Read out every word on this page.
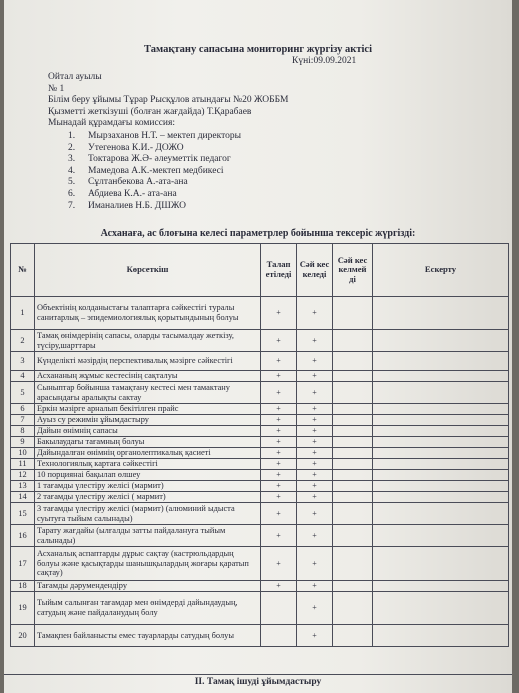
Тамақтану сапасына мониторинг жүргізу актісі
Күні:09.09.2021
Ойтал ауылы
№ 1
Білім беру ұйымы Тұрар Рысқұлов атындағы №20 ЖОББМ
Қызметті жеткізуші (болған жағдайда) Т.Қарабаев
Мынадай құрамдағы комиссия:
1. Мырзаханов Н.Т. – мектеп директоры
2. Утегенова К.И.- ДОЖО
3. Токтарова Ж.Ә- әлеуметтік педагог
4. Мамедова А.К.-мектеп медбикесі
5. Сұлтанбекова А.-ата-ана
6. Абдиева К.А.- ата-ана
7. Иманалиев Н.Б. ДШЖО
Асханаға, ас блоғына келесі параметрлер бойынша тексеріс жүргізді:
№	Көрсеткіш	Талап етіледі	Сәй кес келеді	Сәй кес келмей ді	Ескерту
1	Объектінің колданыстағы талаптарға сәйкестігі туралы санитарлық – эпидемиологиялық қорытындының болуы	+	+		
2	Тамақ өнімдерінің сапасы, оларды тасымалдау жеткізу, түсіру,шарттары	+	+		
3	Күнделікті мәзірдің перспективалық мәзірге сәйкестігі	+	+		
4	Асхананың жұмыс кестесінің сақталуы	+	+		
5	Сыныптар бойынша тамақтану кестесі мен тамактану арасындағы аралықты сактау	+	+		
6	Еркін мәзірге арналып бекітілген прайс	+	+		
7	Ауыз су режимін ұйымдастыру	+	+		
8	Дайын өнімнің сапасы	+	+		
9	Бакылаудағы тағамның болуы	+	+		
10	Дайындалған өнімнің органолептикалық қасиеті	+	+		
11	Технологиялық картаға сәйкестігі	+	+		
12	10 порциянаі бақылап өлшеу	+	+		
13	1 тағамды үлестіру желісі (мармит)	+	+		
14	2 тағамды үлестіру желісі ( мармит)	+	+		
15	3 тағамды үлестіру желісі (мармит) (алюминий ыдыста суытуға тыйым салынады)	+	+		
16	Тарату жағдайы (ылғалды затты пайдалануға тыйым салынады)	+	+		
17	Асханалық аспаптарды дұрыс сақтау (кастрюльдардың болуы және қасықтарды шанышқылардың жоғары қаратып сақтау)	+	+		
18	Тағамды дәрумендендіру	+	+		
19	Тыйым салынған тағамдар мен өнімдерді дайындаудың, сатудың және пайдаланудың болу		+		
20	Тамақпен байланысты емес тауарларды сатудың болуы		+		
II. Тамақ ішуді ұйымдастыру
